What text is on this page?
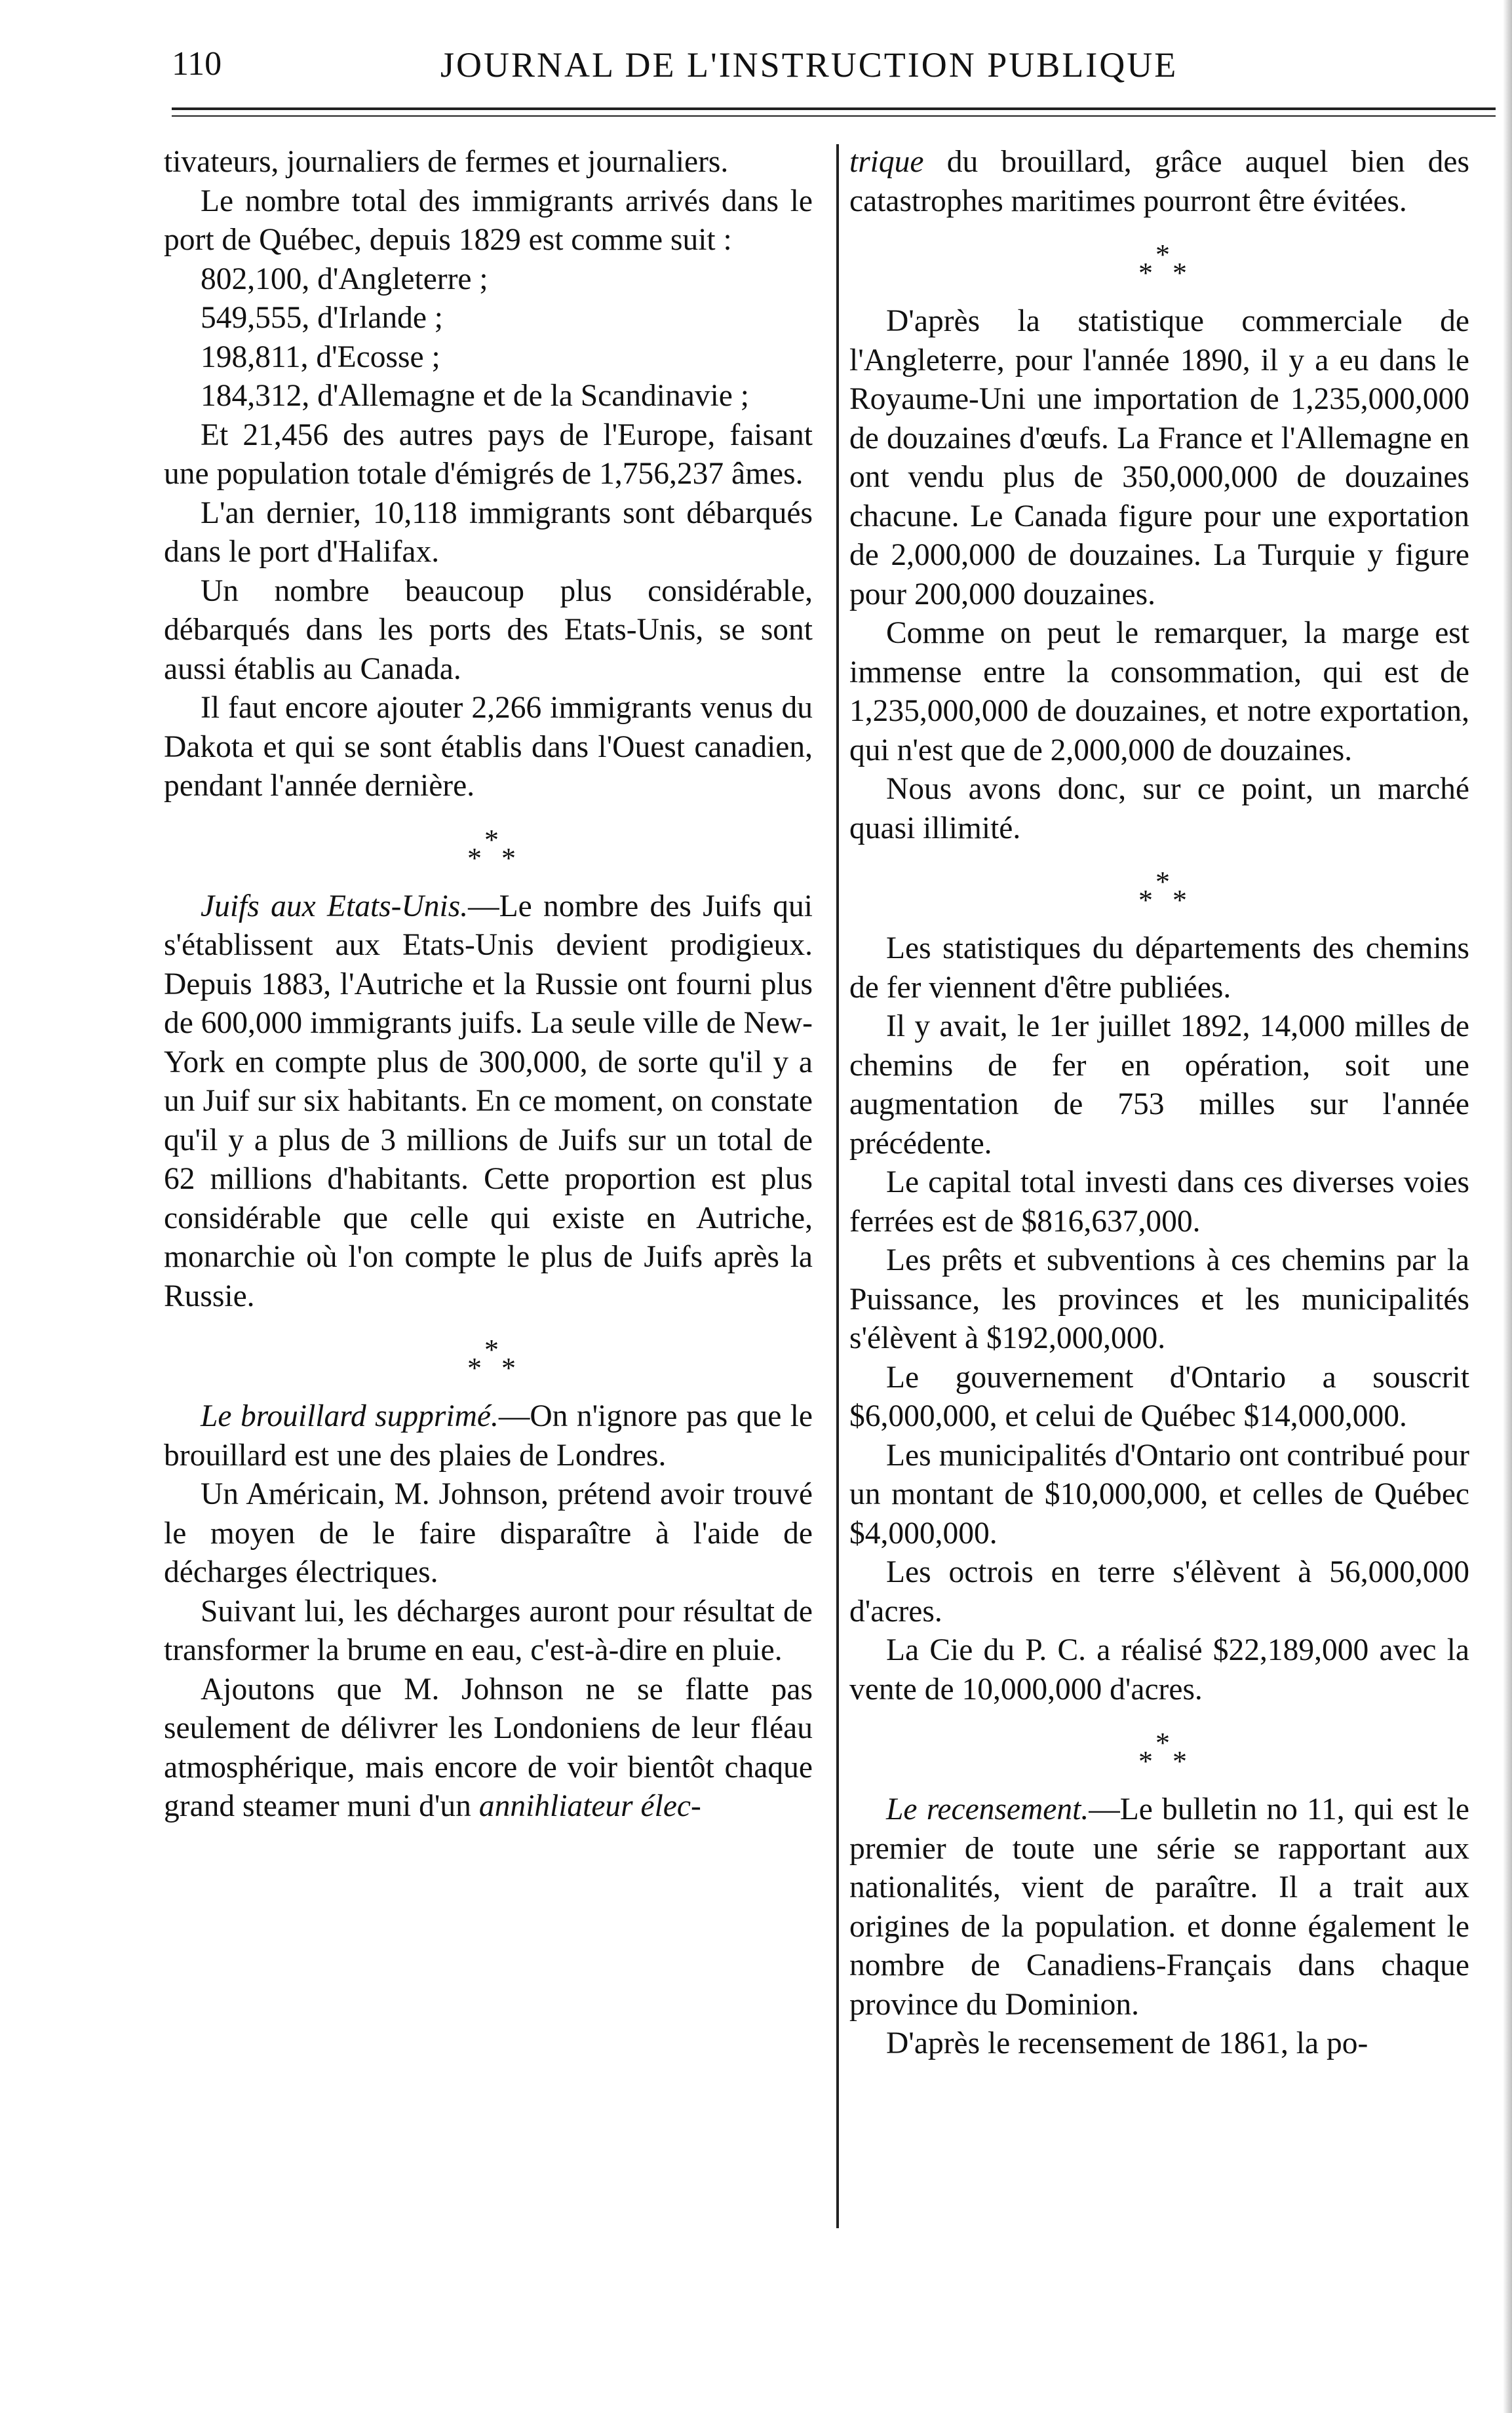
110	JOURNAL DE L'INSTRUCTION PUBLIQUE

tivateurs, journaliers de fermes et journaliers.

Le nombre total des immigrants arrivés dans le port de Québec, depuis 1829 est comme suit :

802,100, d'Angleterre ;

549,555, d'Irlande ;

198,811, d'Ecosse ;

184,312, d'Allemagne et de la Scandinavie ;

Et 21,456 des autres pays de l'Europe, faisant une population totale d'émigrés de 1,756,237 âmes.

L'an dernier, 10,118 immigrants sont débarqués dans le port d'Halifax.

Un nombre beaucoup plus considérable, débarqués dans les ports des Etats-Unis, se sont aussi établis au Canada.

Il faut encore ajouter 2,266 immigrants venus du Dakota et qui se sont établis dans l'Ouest canadien, pendant l'année dernière.

*
* *

Juifs aux Etats-Unis.—Le nombre des Juifs qui s'établissent aux Etats-Unis devient prodigieux. Depuis 1883, l'Autriche et la Russie ont fourni plus de 600,000 immigrants juifs. La seule ville de New-York en compte plus de 300,000, de sorte qu'il y a un Juif sur six habitants. En ce moment, on constate qu'il y a plus de 3 millions de Juifs sur un total de 62 millions d'habitants. Cette proportion est plus considérable que celle qui existe en Autriche, monarchie où l'on compte le plus de Juifs après la Russie.

*
* *

Le brouillard supprimé.—On n'ignore pas que le brouillard est une des plaies de Londres.

Un Américain, M. Johnson, prétend avoir trouvé le moyen de le faire disparaître à l'aide de décharges électriques.

Suivant lui, les décharges auront pour résultat de transformer la brume en eau, c'est-à-dire en pluie.

Ajoutons que M. Johnson ne se flatte pas seulement de délivrer les Londoniens de leur fléau atmosphérique, mais encore de voir bientôt chaque grand steamer muni d'un annihliateur élec-

trique du brouillard, grâce auquel bien des catastrophes maritimes pourront être évitées.

*
* *

D'après la statistique commerciale de l'Angleterre, pour l'année 1890, il y a eu dans le Royaume-Uni une importation de 1,235,000,000 de douzaines d'œufs. La France et l'Allemagne en ont vendu plus de 350,000,000 de douzaines chacune. Le Canada figure pour une exportation de 2,000,000 de douzaines. La Turquie y figure pour 200,000 douzaines.

Comme on peut le remarquer, la marge est immense entre la consommation, qui est de 1,235,000,000 de douzaines, et notre exportation, qui n'est que de 2,000,000 de douzaines.

Nous avons donc, sur ce point, un marché quasi illimité.

*
* *

Les statistiques du départements des chemins de fer viennent d'être publiées.

Il y avait, le 1er juillet 1892, 14,000 milles de chemins de fer en opération, soit une augmentation de 753 milles sur l'année précédente.

Le capital total investi dans ces diverses voies ferrées est de $816,637,000.

Les prêts et subventions à ces chemins par la Puissance, les provinces et les municipalités s'élèvent à $192,000,000.

Le gouvernement d'Ontario a souscrit $6,000,000, et celui de Québec $14,000,000.

Les municipalités d'Ontario ont contribué pour un montant de $10,000,000, et celles de Québec $4,000,000.

Les octrois en terre s'élèvent à 56,000,000 d'acres.

La Cie du P. C. a réalisé $22,189,000 avec la vente de 10,000,000 d'acres.

*
* *

Le recensement.—Le bulletin no 11, qui est le premier de toute une série se rapportant aux nationalités, vient de paraître. Il a trait aux origines de la population. et donne également le nombre de Canadiens-Français dans chaque province du Dominion.

D'après le recensement de 1861, la po-
